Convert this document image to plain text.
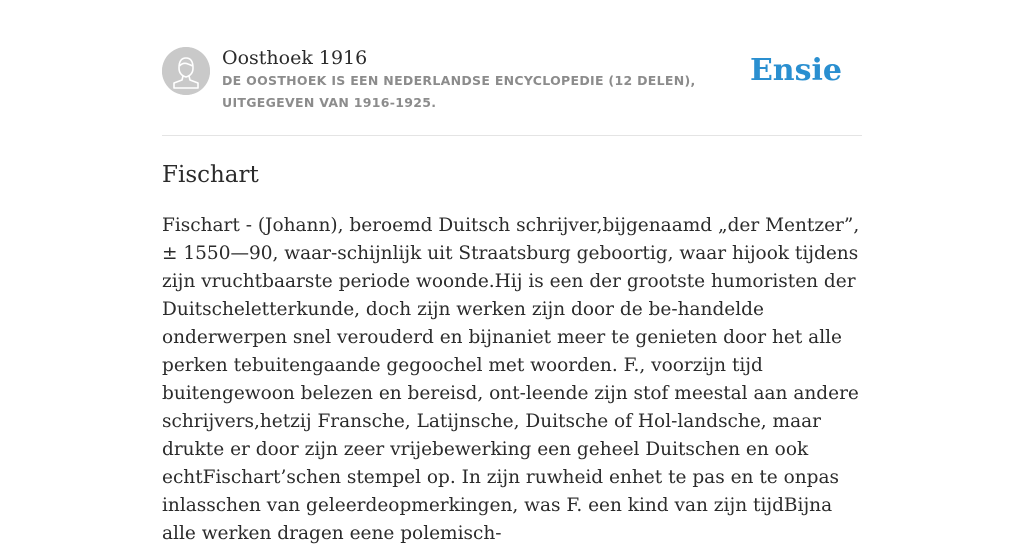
Oosthoek 1916

DE OOSTHOEK IS EEN NEDERLANDSE ENCYCLOPEDIE (12 DELEN), UITGEGEVEN VAN 1916-1925.

Ensie
Fischart

Fischart - (Johann), beroemd Duitsch schrijver,bijgenaamd „der Mentzer”, ± 1550—90, waar-schijnlijk uit Straatsburg geboortig, waar hijook tijdens zijn vruchtbaarste periode woonde.Hij is een der grootste humoristen der Duitscheletterkunde, doch zijn werken zijn door de be-handelde onderwerpen snel verouderd en bijnaniet meer te genieten door het alle perken tebuitengaande gegoochel met woorden. F., voorzijn tijd buitengewoon belezen en bereisd, ont-leende zijn stof meestal aan andere schrijvers,hetzij Fransche, Latijnsche, Duitsche of Hol-landsche, maar drukte er door zijn zeer vrijebewerking een geheel Duitschen en ook echtFischart’schen stempel op. In zijn ruwheid enhet te pas en te onpas inlasschen van geleerdeopmerkingen, was F. een kind van zijn tijdBijna alle werken dragen eene polemisch-
